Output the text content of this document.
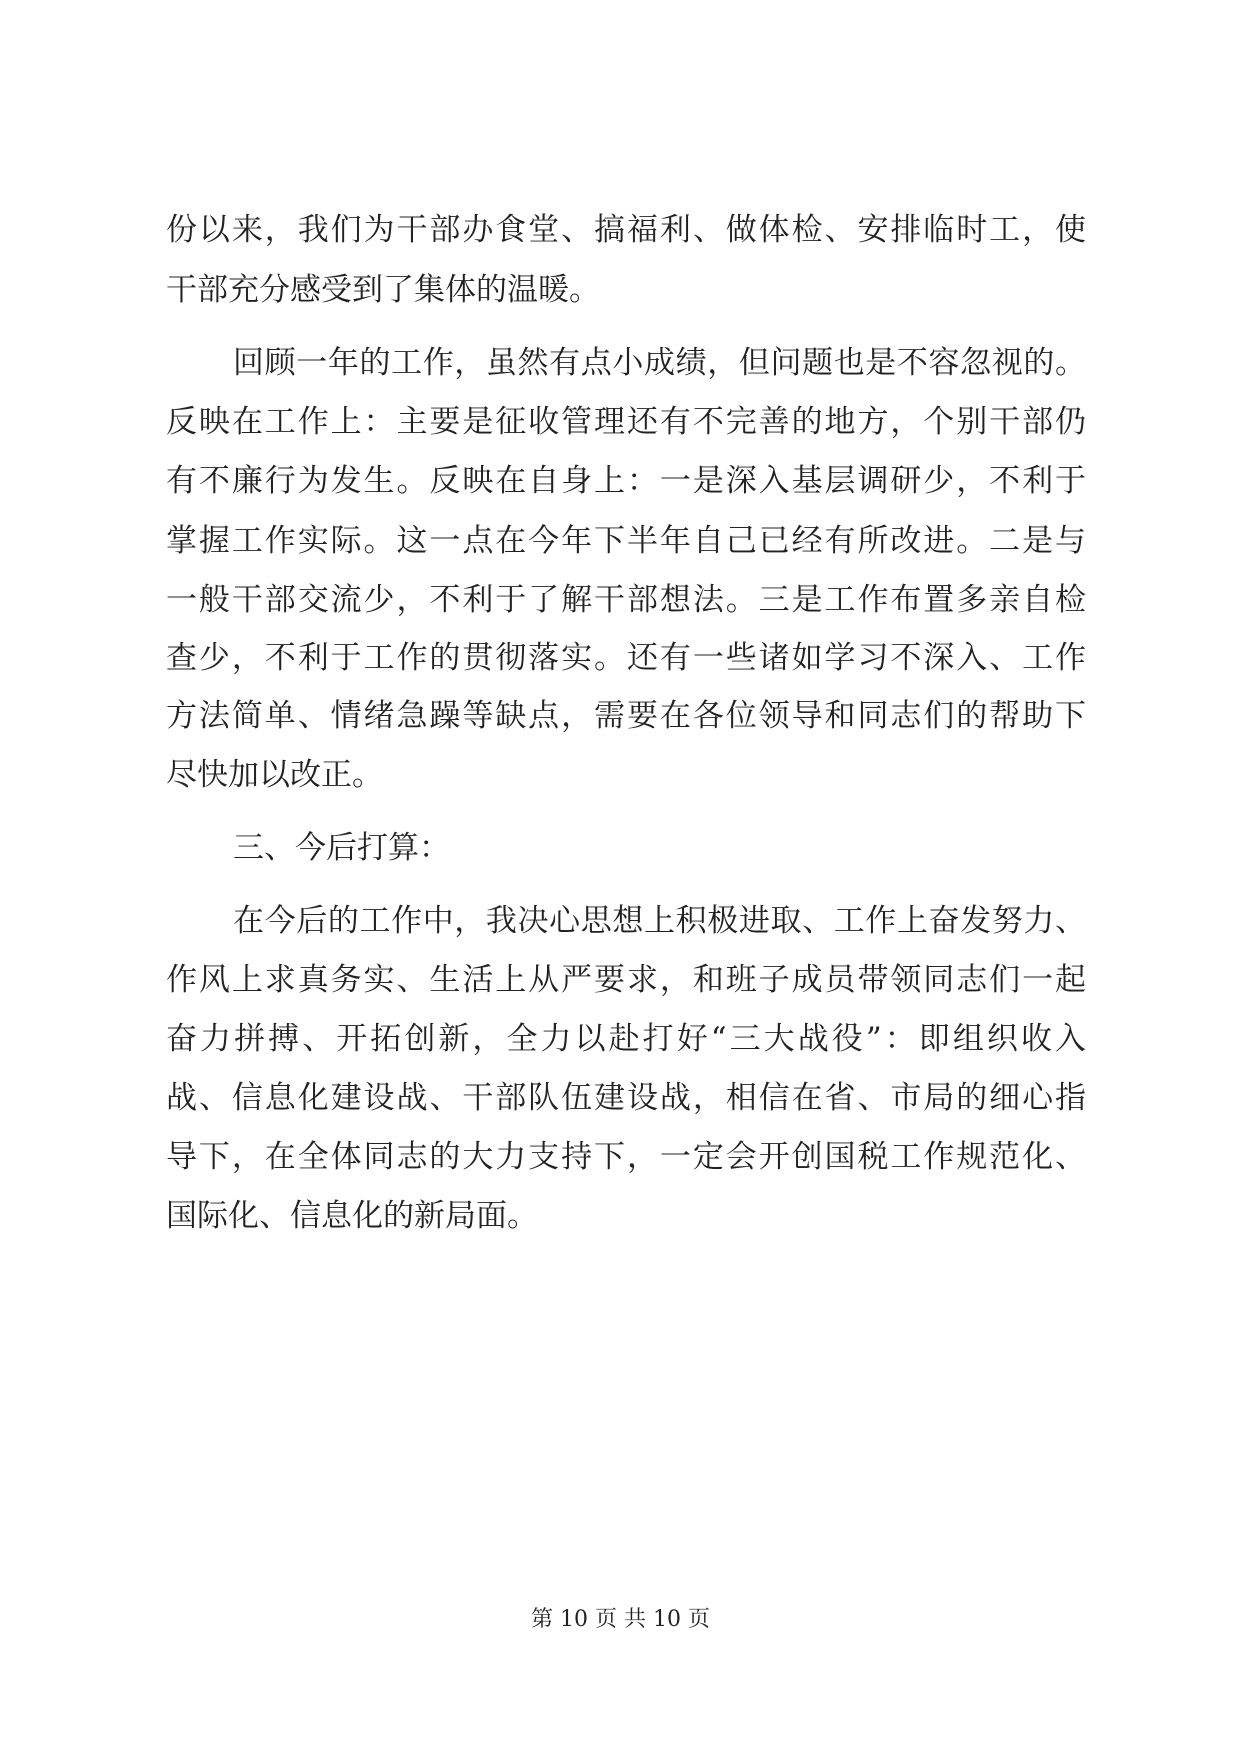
份以来，我们为干部办食堂、搞福利、做体检、安排临时工，使
干部充分感受到了集体的温暖。
回顾一年的工作，虽然有点小成绩，但问题也是不容忽视的。
反映在工作上：主要是征收管理还有不完善的地方，个别干部仍
有不廉行为发生。反映在自身上：一是深入基层调研少，不利于
掌握工作实际。这一点在今年下半年自己已经有所改进。二是与
一般干部交流少，不利于了解干部想法。三是工作布置多亲自检
查少，不利于工作的贯彻落实。还有一些诸如学习不深入、工作
方法简单、情绪急躁等缺点，需要在各位领导和同志们的帮助下
尽快加以改正。
三、今后打算：
在今后的工作中，我决心思想上积极进取、工作上奋发努力、
作风上求真务实、生活上从严要求，和班子成员带领同志们一起
奋力拼搏、开拓创新，全力以赴打好“三大战役”：即组织收入
战、信息化建设战、干部队伍建设战，相信在省、市局的细心指
导下，在全体同志的大力支持下，一定会开创国税工作规范化、
国际化、信息化的新局面。
第 10 页 共 10 页
